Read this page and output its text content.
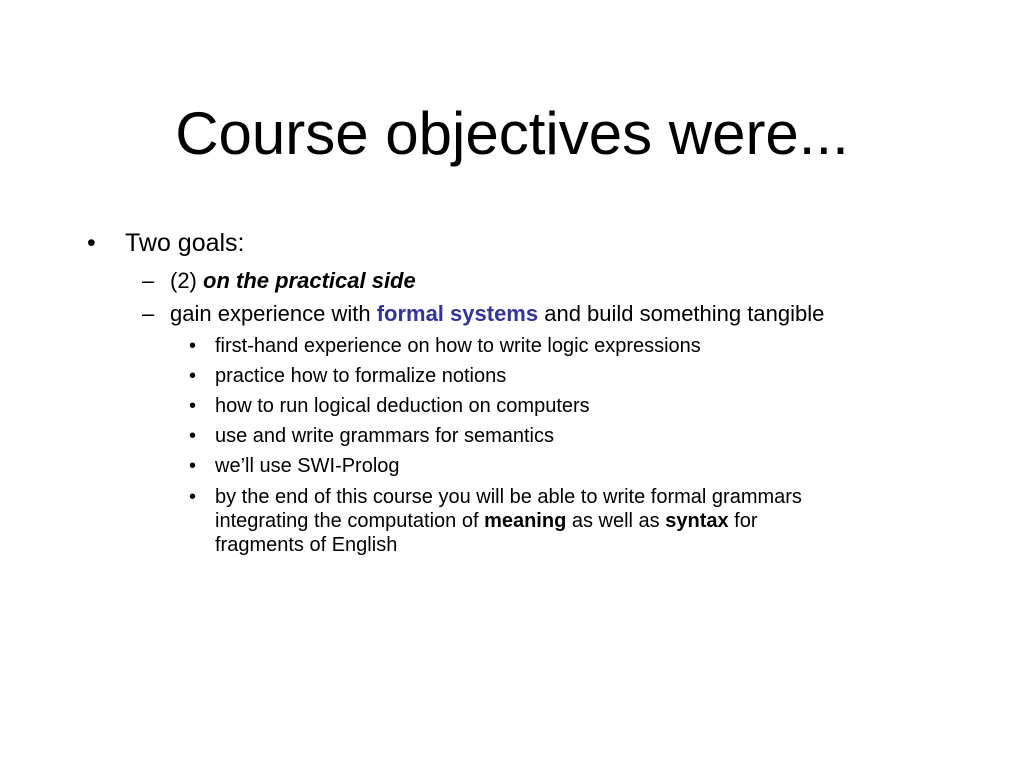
Course objectives were...
• Two goals:
– (2) on the practical side
– gain experience with formal systems and build something tangible
• first-hand experience on how to write logic expressions
• practice how to formalize notions
• how to run logical deduction on computers
• use and write grammars for semantics
• we’ll use SWI-Prolog
• by the end of this course you will be able to write formal grammars
integrating the computation of meaning as well as syntax for
fragments of English
